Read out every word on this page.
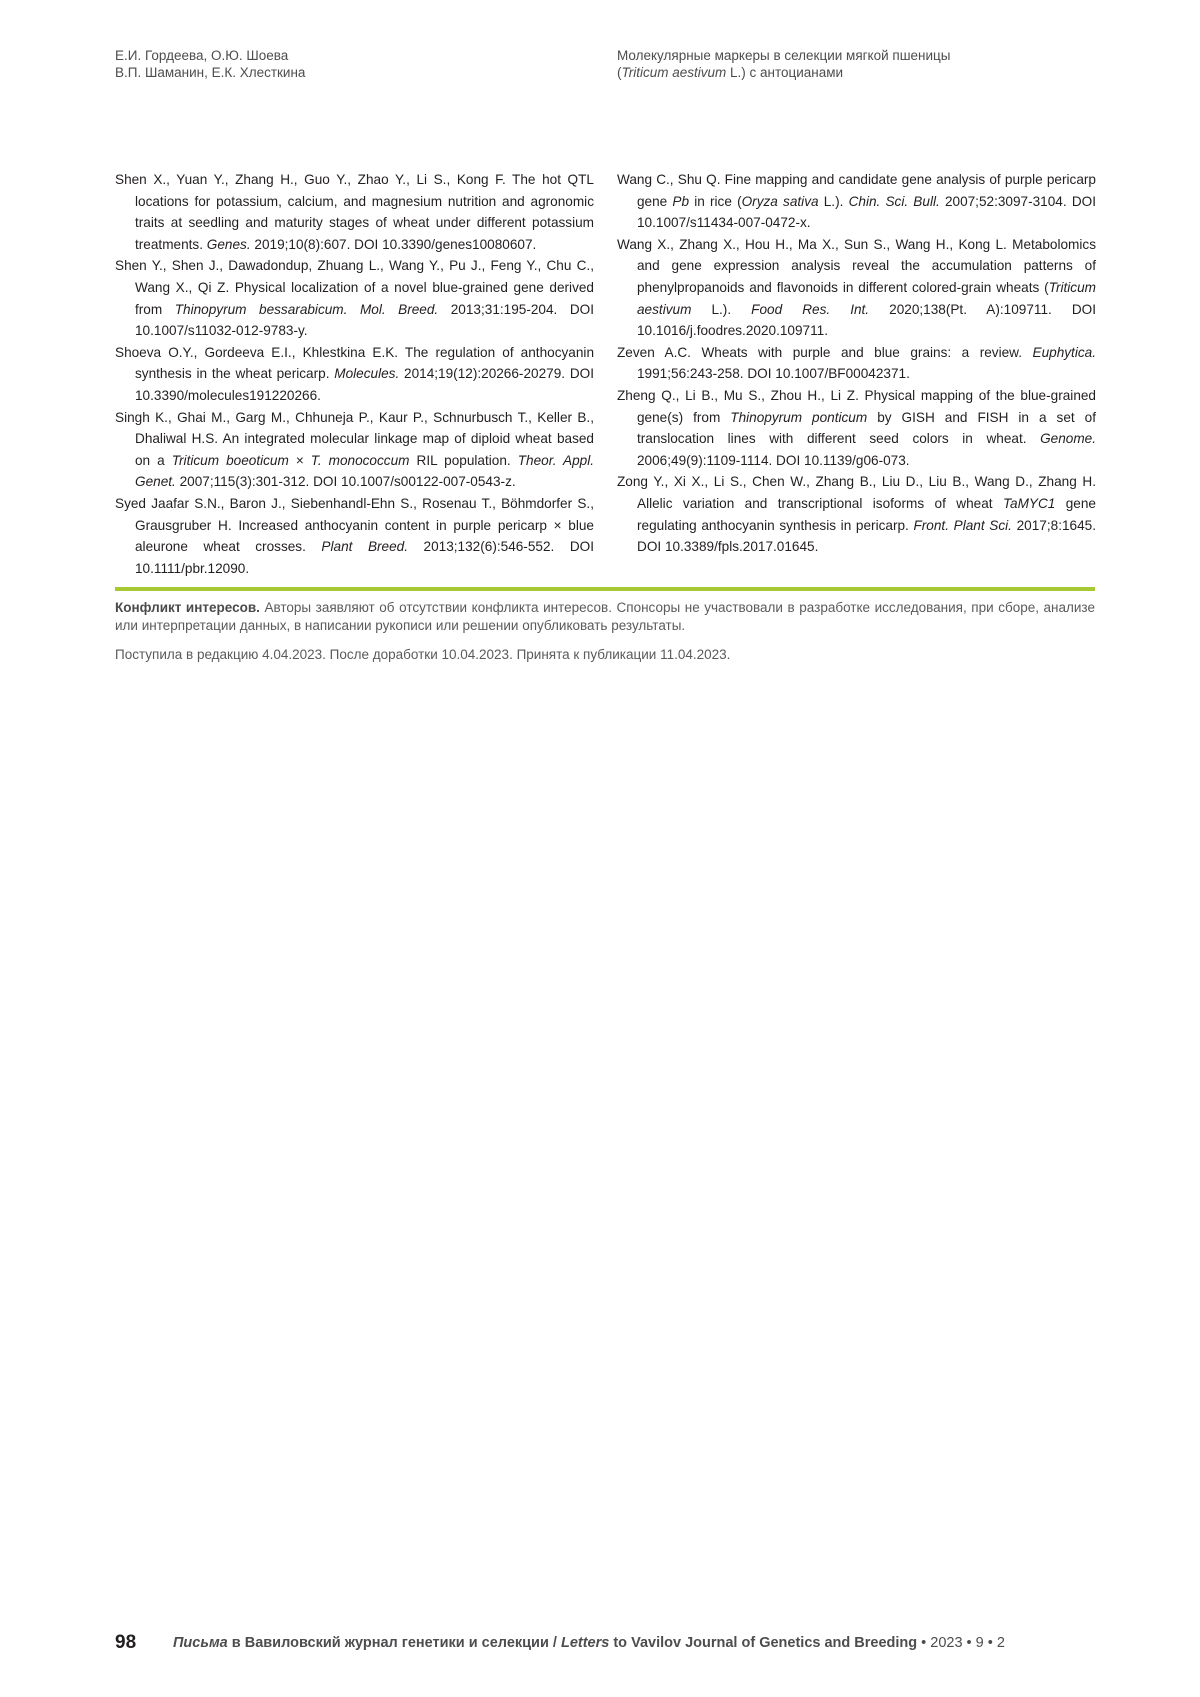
Е.И. Гордеева, О.Ю. Шоева
В.П. Шаманин, Е.К. Хлесткина
Молекулярные маркеры в селекции мягкой пшеницы
(Triticum aestivum L.) с антоцианами

Shen X., Yuan Y., Zhang H., Guo Y., Zhao Y., Li S., Kong F. The hot QTL locations for potassium, calcium, and magnesium nutrition and agronomic traits at seedling and maturity stages of wheat under different potassium treatments. Genes. 2019;10(8):607. DOI 10.3390/genes10080607.

Shen Y., Shen J., Dawadondup, Zhuang L., Wang Y., Pu J., Feng Y., Chu C., Wang X., Qi Z. Physical localization of a novel blue-grained gene derived from Thinopyrum bessarabicum. Mol. Breed. 2013;31:195-204. DOI 10.1007/s11032-012-9783-y.

Shoeva O.Y., Gordeeva E.I., Khlestkina E.K. The regulation of anthocyanin synthesis in the wheat pericarp. Molecules. 2014;19(12):20266-20279. DOI 10.3390/molecules191220266.

Singh K., Ghai M., Garg M., Chhuneja P., Kaur P., Schnurbusch T., Keller B., Dhaliwal H.S. An integrated molecular linkage map of diploid wheat based on a Triticum boeoticum × T. monococcum RIL population. Theor. Appl. Genet. 2007;115(3):301-312. DOI 10.1007/s00122-007-0543-z.

Syed Jaafar S.N., Baron J., Siebenhandl-Ehn S., Rosenau T., Böhmdorfer S., Grausgruber H. Increased anthocyanin content in purple pericarp × blue aleurone wheat crosses. Plant Breed. 2013;132(6):546-552. DOI 10.1111/pbr.12090.

Wang C., Shu Q. Fine mapping and candidate gene analysis of purple pericarp gene Pb in rice (Oryza sativa L.). Chin. Sci. Bull. 2007;52:3097-3104. DOI 10.1007/s11434-007-0472-x.

Wang X., Zhang X., Hou H., Ma X., Sun S., Wang H., Kong L. Metabolomics and gene expression analysis reveal the accumulation patterns of phenylpropanoids and flavonoids in different colored-grain wheats (Triticum aestivum L.). Food Res. Int. 2020;138(Pt. A):109711. DOI 10.1016/j.foodres.2020.109711.

Zeven A.C. Wheats with purple and blue grains: a review. Euphytica. 1991;56:243-258. DOI 10.1007/BF00042371.

Zheng Q., Li B., Mu S., Zhou H., Li Z. Physical mapping of the blue-grained gene(s) from Thinopyrum ponticum by GISH and FISH in a set of translocation lines with different seed colors in wheat. Genome. 2006;49(9):1109-1114. DOI 10.1139/g06-073.

Zong Y., Xi X., Li S., Chen W., Zhang B., Liu D., Liu B., Wang D., Zhang H. Allelic variation and transcriptional isoforms of wheat TaMYC1 gene regulating anthocyanin synthesis in pericarp. Front. Plant Sci. 2017;8:1645. DOI 10.3389/fpls.2017.01645.

Конфликт интересов. Авторы заявляют об отсутствии конфликта интересов. Спонсоры не участвовали в разработке исследования, при сборе, анализе или интерпретации данных, в написании рукописи или решении опубликовать результаты.
Поступила в редакцию 4.04.2023. После доработки 10.04.2023. Принята к публикации 11.04.2023.
98	Письма в Вавиловский журнал генетики и селекции / Letters to Vavilov Journal of Genetics and Breeding • 2023 • 9 • 2
